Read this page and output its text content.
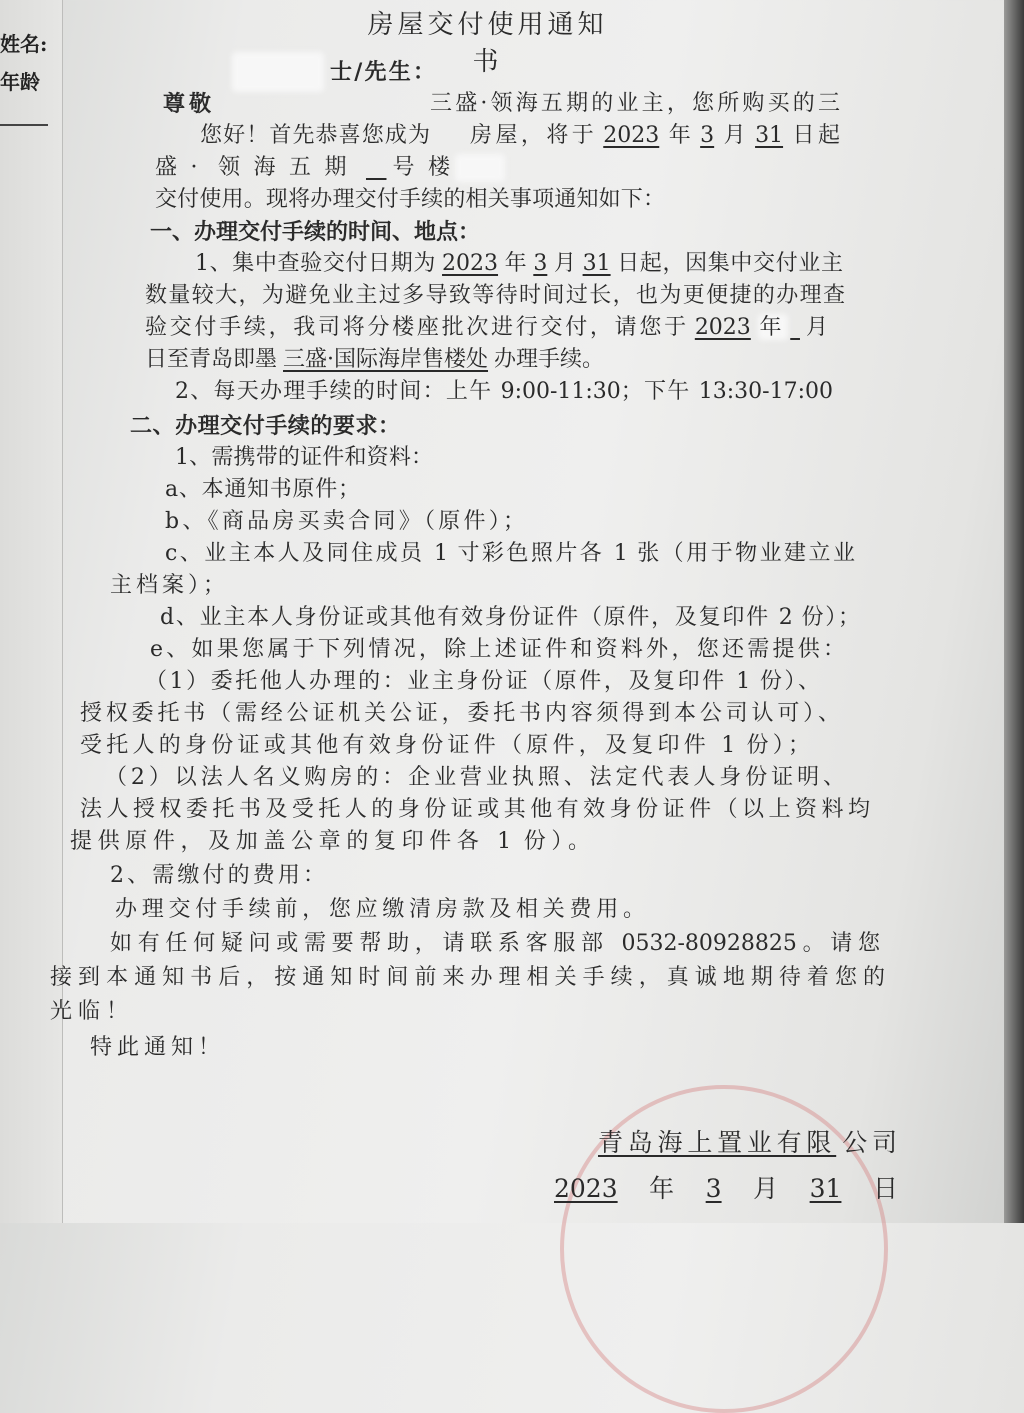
姓名:
年龄
房屋交付使用通知书
士/先生：
尊敬	三盛·领海五期的业主，您所购买的三
您好！首先恭喜您成为 房屋，将于 2023 年 3 月 31 日起
盛· 领海五期 号楼
交付使用。现将办理交付手续的相关事项通知如下：
一、办理交付手续的时间、地点：
1、集中查验交付日期为 2023 年 3 月 31 日起，因集中交付业主
数量较大，为避免业主过多导致等待时间过长，也为更便捷的办理查
验交付手续，我司将分楼座批次进行交付，请您于 2023 年 月
日至青岛即墨 三盛·国际海岸售楼处 办理手续。
2、每天办理手续的时间：上午 9:00-11:30；下午 13:30-17:00
二、办理交付手续的要求：
1、需携带的证件和资料：
a、本通知书原件；
b、《商品房买卖合同》（原件）；
c、业主本人及同住成员 1 寸彩色照片各 1 张（用于物业建立业
主档案）；
d、业主本人身份证或其他有效身份证件（原件，及复印件 2 份）；
e、如果您属于下列情况，除上述证件和资料外，您还需提供：
（1）委托他人办理的：业主身份证（原件，及复印件 1 份）、
授权委托书（需经公证机关公证，委托书内容须得到本公司认可）、
受托人的身份证或其他有效身份证件（原件，及复印件 1 份）；
（2）以法人名义购房的：企业营业执照、法定代表人身份证明、
法人授权委托书及受托人的身份证或其他有效身份证件（以上资料均
提供原件，及加盖公章的复印件各 1 份）。
2、需缴付的费用：
办理交付手续前，您应缴清房款及相关费用。
如有任何疑问或需要帮助，请联系客服部 0532-80928825。请您
接到本通知书后，按通知时间前来办理相关手续，真诚地期待着您的
光临！
特此通知！
青岛海上置业有限 公司
2023 年 3 月 31 日
